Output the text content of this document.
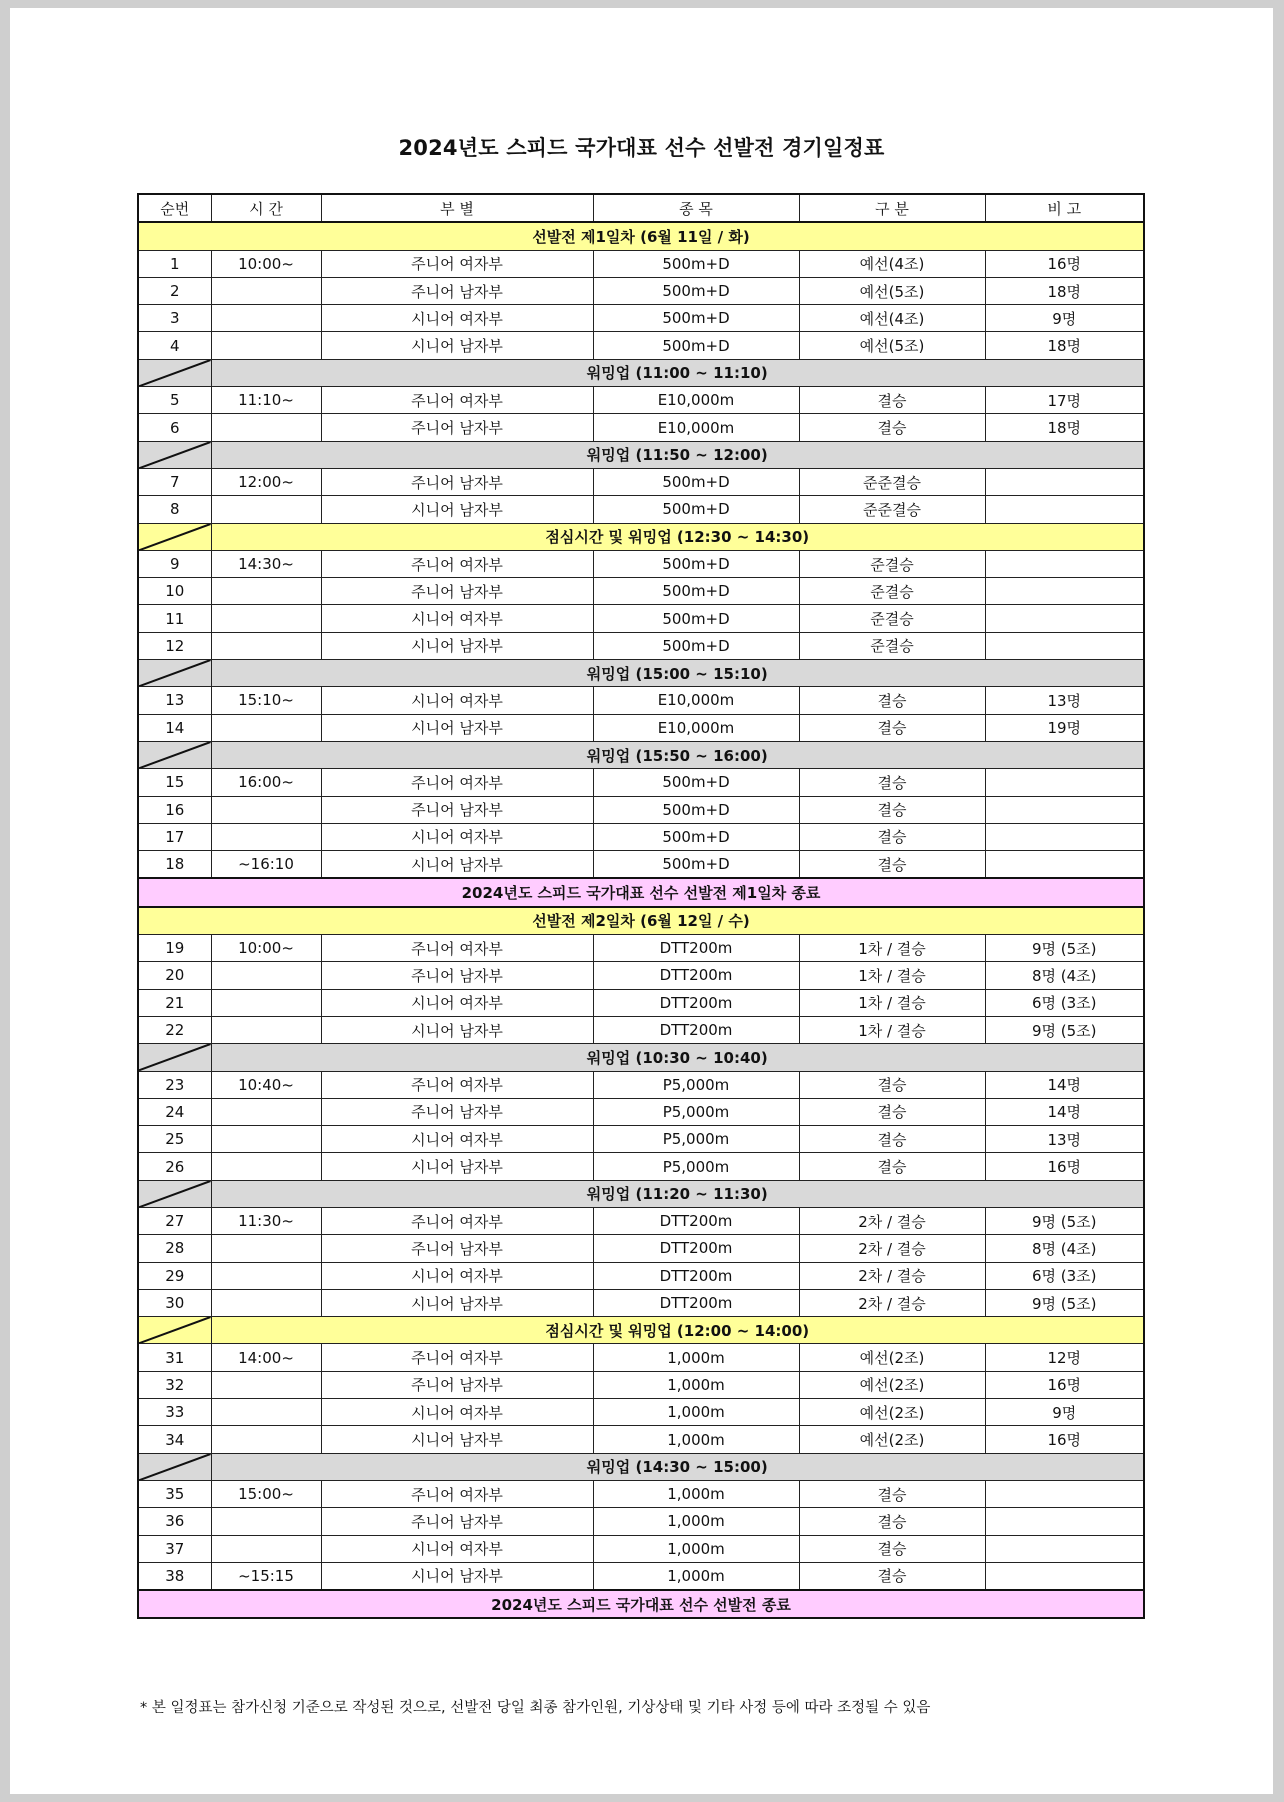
2024년도 스피드 국가대표 선수 선발전 경기일정표
순번	시 간	부 별	종 목	구 분	비 고
선발전 제1일차 (6월 11일 / 화)					
1	10:00~	주니어 여자부	500m+D	예선(4조)	16명
2		주니어 남자부	500m+D	예선(5조)	18명
3		시니어 여자부	500m+D	예선(4조)	9명
4		시니어 남자부	500m+D	예선(5조)	18명

	워밍업 (11:00 ~ 11:10)				
5	11:10~	주니어 여자부	E10,000m	결승	17명
6		주니어 남자부	E10,000m	결승	18명

	워밍업 (11:50 ~ 12:00)				
7	12:00~	주니어 남자부	500m+D	준준결승	
8		시니어 남자부	500m+D	준준결승	

	점심시간 및 워밍업 (12:30 ~ 14:30)				
9	14:30~	주니어 여자부	500m+D	준결승	
10		주니어 남자부	500m+D	준결승	
11		시니어 여자부	500m+D	준결승	
12		시니어 남자부	500m+D	준결승	

	워밍업 (15:00 ~ 15:10)				
13	15:10~	시니어 여자부	E10,000m	결승	13명
14		시니어 남자부	E10,000m	결승	19명

	워밍업 (15:50 ~ 16:00)				
15	16:00~	주니어 여자부	500m+D	결승	
16		주니어 남자부	500m+D	결승	
17		시니어 여자부	500m+D	결승	
18	~16:10	시니어 남자부	500m+D	결승	
2024년도 스피드 국가대표 선수 선발전 제1일차 종료					
선발전 제2일차 (6월 12일 / 수)					
19	10:00~	주니어 여자부	DTT200m	1차 / 결승	9명 (5조)
20		주니어 남자부	DTT200m	1차 / 결승	8명 (4조)
21		시니어 여자부	DTT200m	1차 / 결승	6명 (3조)
22		시니어 남자부	DTT200m	1차 / 결승	9명 (5조)

	워밍업 (10:30 ~ 10:40)				
23	10:40~	주니어 여자부	P5,000m	결승	14명
24		주니어 남자부	P5,000m	결승	14명
25		시니어 여자부	P5,000m	결승	13명
26		시니어 남자부	P5,000m	결승	16명

	워밍업 (11:20 ~ 11:30)				
27	11:30~	주니어 여자부	DTT200m	2차 / 결승	9명 (5조)
28		주니어 남자부	DTT200m	2차 / 결승	8명 (4조)
29		시니어 여자부	DTT200m	2차 / 결승	6명 (3조)
30		시니어 남자부	DTT200m	2차 / 결승	9명 (5조)

	점심시간 및 워밍업 (12:00 ~ 14:00)				
31	14:00~	주니어 여자부	1,000m	예선(2조)	12명
32		주니어 남자부	1,000m	예선(2조)	16명
33		시니어 여자부	1,000m	예선(2조)	9명
34		시니어 남자부	1,000m	예선(2조)	16명

	워밍업 (14:30 ~ 15:00)				
35	15:00~	주니어 여자부	1,000m	결승	
36		주니어 남자부	1,000m	결승	
37		시니어 여자부	1,000m	결승	
38	~15:15	시니어 남자부	1,000m	결승	
2024년도 스피드 국가대표 선수 선발전 종료					
* 본 일정표는 참가신청 기준으로 작성된 것으로, 선발전 당일 최종 참가인원, 기상상태 및 기타 사정 등에 따라 조정될 수 있음
